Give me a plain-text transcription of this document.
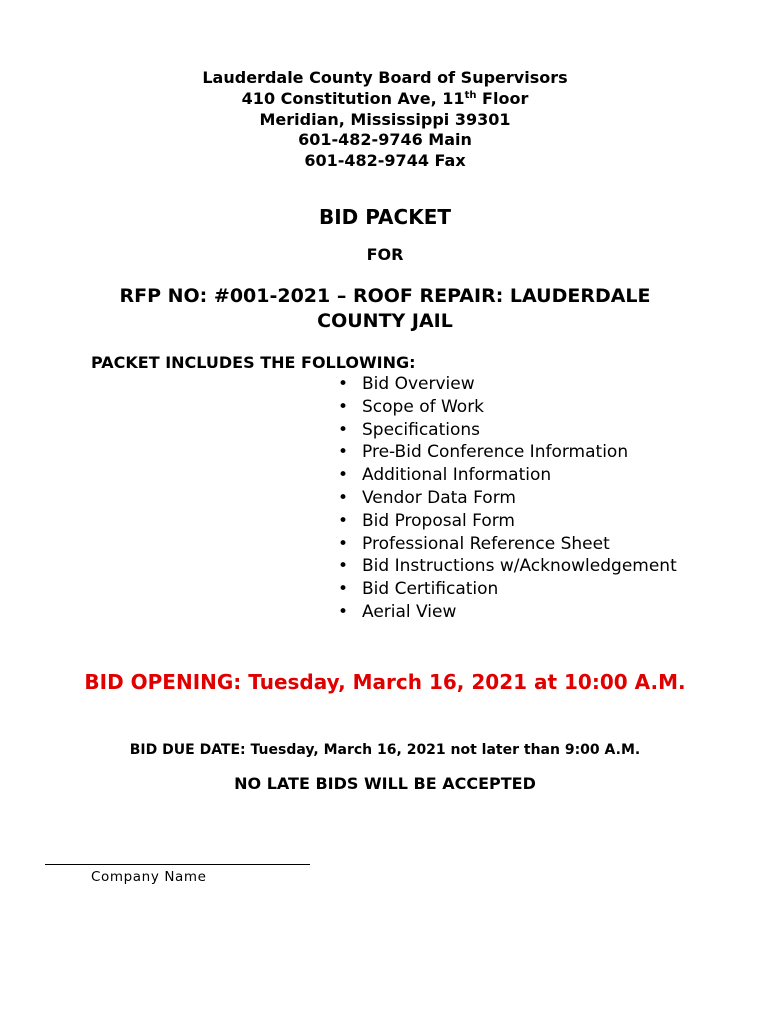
Lauderdale County Board of Supervisors
410 Constitution Ave, 11th Floor
Meridian, Mississippi 39301
601-482-9746 Main
601-482-9744 Fax
BID PACKET
FOR
RFP NO: #001-2021 – ROOF REPAIR: LAUDERDALE
COUNTY JAIL
PACKET INCLUDES THE FOLLOWING:
• Bid Overview
• Scope of Work
• Specifications
• Pre-Bid Conference Information
• Additional Information
• Vendor Data Form
• Bid Proposal Form
• Professional Reference Sheet
• Bid Instructions w/Acknowledgement
• Bid Certification
• Aerial View
BID OPENING: Tuesday, March 16, 2021 at 10:00 A.M.
BID DUE DATE: Tuesday, March 16, 2021 not later than 9:00 A.M.
NO LATE BIDS WILL BE ACCEPTED
Company Name
